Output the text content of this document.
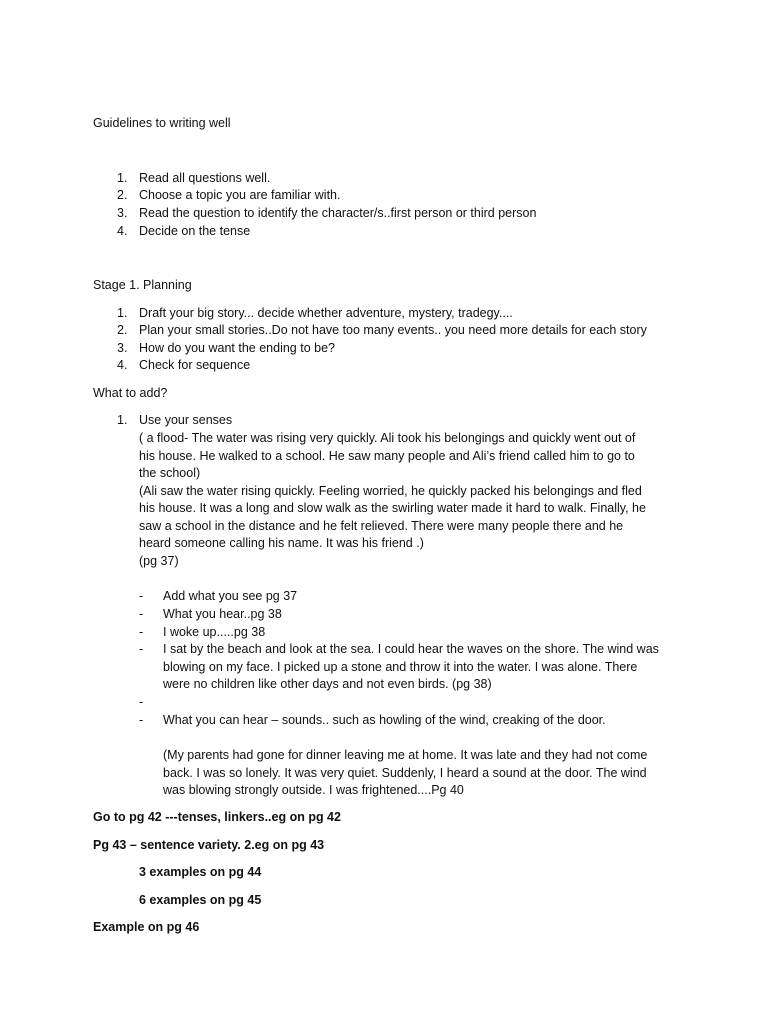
Guidelines to writing well
1. Read all questions well.
2. Choose a topic you are familiar with.
3. Read the question to identify the character/s..first person or third person
4. Decide on the tense
Stage 1. Planning
1. Draft your big story... decide whether adventure, mystery, tradegy....
2. Plan your small stories..Do not have too many events.. you need more details for each story
3. How do you want the ending to be?
4. Check for sequence
What to add?
1. Use your senses
( a flood- The water was rising very quickly. Ali took his belongings and quickly went out of
his house. He walked to a school. He saw many people and Ali’s friend called him to go to
the school)
(Ali saw the water rising quickly. Feeling worried, he quickly packed his belongings and fled
his house. It was a long and slow walk as the swirling water made it hard to walk. Finally, he
saw a school in the distance and he felt relieved. There were many people there and he
heard someone calling his name. It was his friend .)
(pg 37)
- Add what you see pg 37
- What you hear..pg 38
- I woke up.....pg 38
- I sat by the beach and look at the sea. I could hear the waves on the shore. The wind was
blowing on my face. I picked up a stone and throw it into the water. I was alone. There
were no children like other days and not even birds. (pg 38)
-
- What you can hear – sounds.. such as howling of the wind, creaking of the door.
(My parents had gone for dinner leaving me at home. It was late and they had not come
back. I was so lonely. It was very quiet. Suddenly, I heard a sound at the door. The wind
was blowing strongly outside. I was frightened....Pg 40
Go to pg 42 ---tenses, linkers..eg on pg 42
Pg 43 – sentence variety. 2.eg on pg 43
3 examples on pg 44
6 examples on pg 45
Example on pg 46
